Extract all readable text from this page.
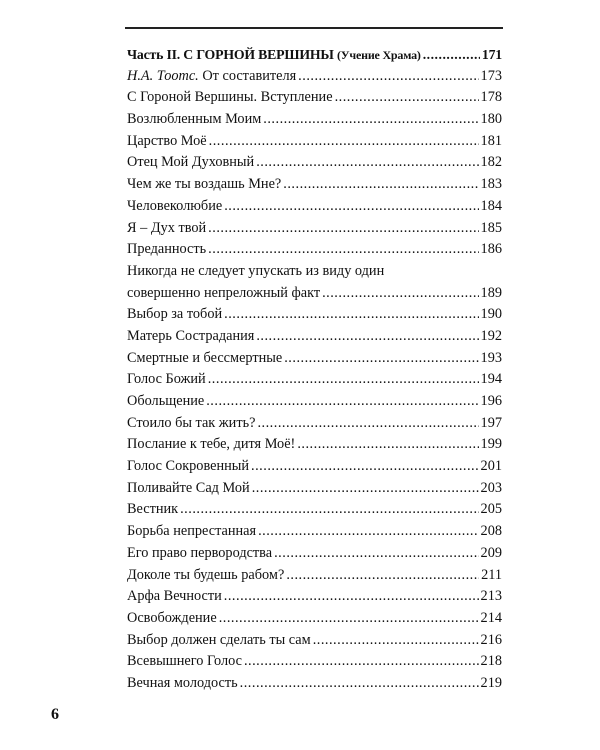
Часть II. С ГОРНОЙ ВЕРШИНЫ (Учение Храма) .....	171
Н.А. Тоотс. От составителя .....	173
С Гороной Вершины. Вступление .....	178
Возлюбленным Моим .....	180
Царство Моё .....	181
Отец Мой Духовный .....	182
Чем же ты воздашь Мне? .....	183
Человеколюбие .....	184
Я – Дух твой .....	185
Преданность .....	186
Никогда не следует упускать из виду один
совершенно непреложный факт .....	189
Выбор за тобой .....	190
Матерь Сострадания .....	192
Смертные и бессмертные .....	193
Голос Божий .....	194
Обольщение .....	196
Стоило бы так жить? .....	197
Послание к тебе, дитя Моё! .....	199
Голос Сокровенный .....	201
Поливайте Сад Мой .....	203
Вестник .....	205
Борьба непрестанная .....	208
Его право первородства .....	209
Доколе ты будешь рабом? .....	211
Арфа Вечности .....	213
Освобождение .....	214
Выбор должен сделать ты сам .....	216
Всевышнего Голос .....	218
Вечная молодость .....	219
6
